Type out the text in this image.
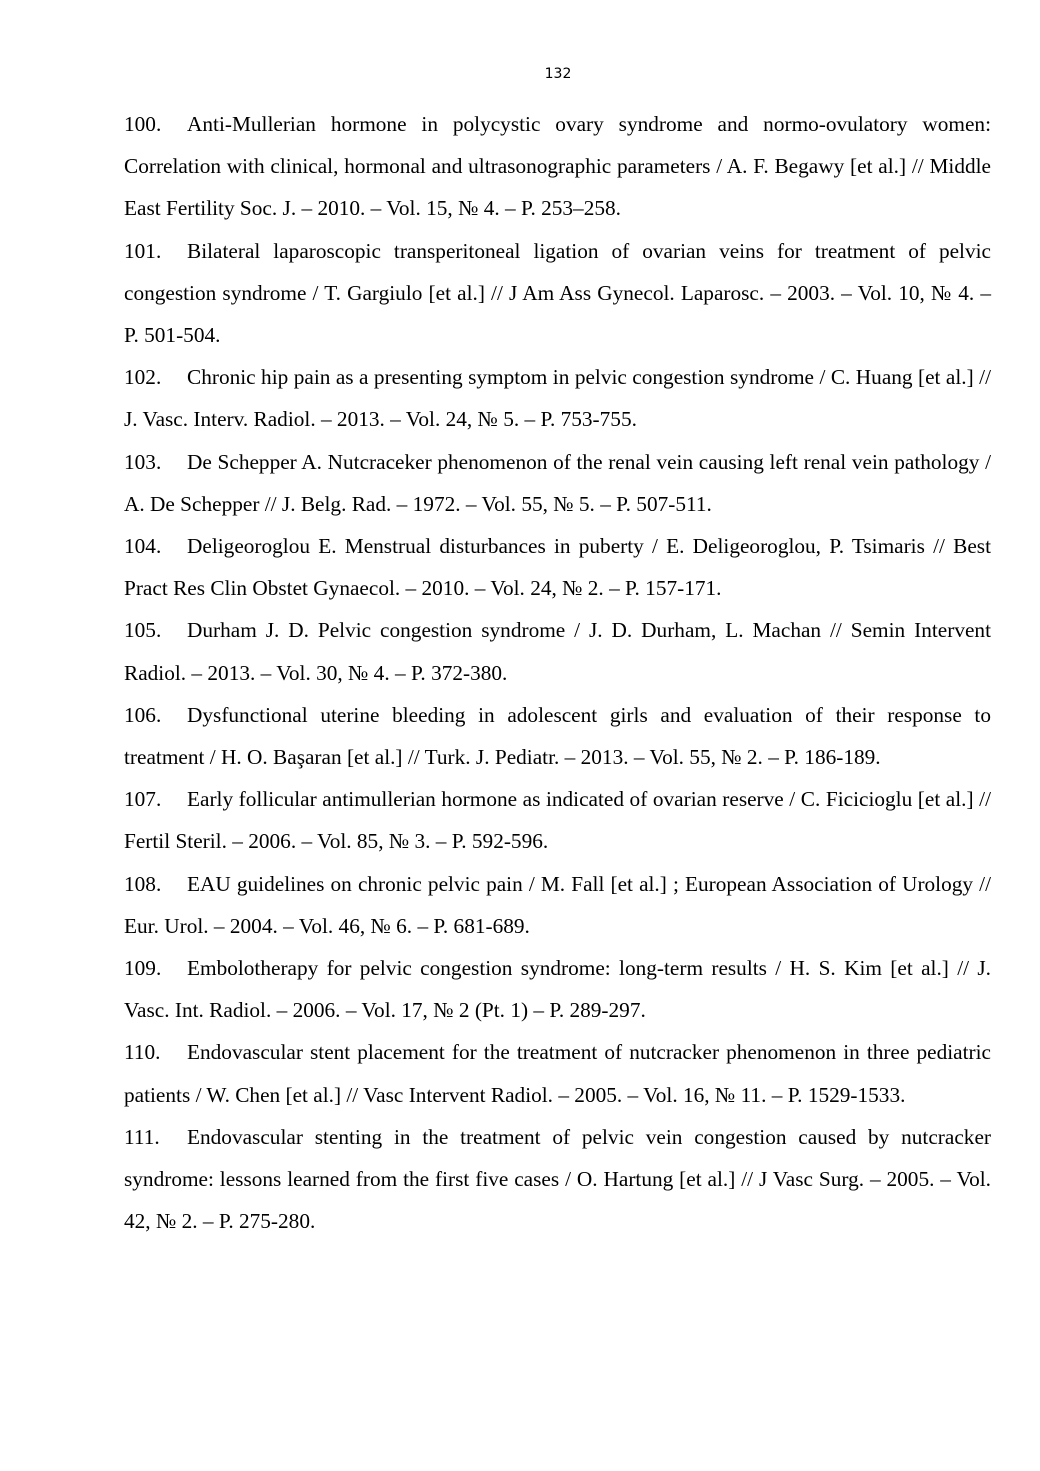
132

100. Anti-Mullerian hormone in polycystic ovary syndrome and normo-ovulatory women: Correlation with clinical, hormonal and ultrasonographic parameters / A. F. Begawy [et al.] // Middle East Fertility Soc. J. – 2010. – Vol. 15, № 4. – P. 253–258.

101. Bilateral laparoscopic transperitoneal ligation of ovarian veins for treatment of pelvic congestion syndrome / T. Gargiulo [et al.] // J Am Ass Gynecol. Laparosc. – 2003. – Vol. 10, № 4. – P. 501-504.

102. Chronic hip pain as a presenting symptom in pelvic congestion syndrome / C. Huang [et al.] // J. Vasc. Interv. Radiol. – 2013. – Vol. 24, № 5. – P. 753-755.

103. De Schepper A. Nutcraceker phenomenon of the renal vein causing left renal vein pathology / A. De Schepper // J. Belg. Rad. – 1972. – Vol. 55, № 5. – P. 507-511.

104. Deligeoroglou E. Menstrual disturbances in puberty / E. Deligeoroglou, P. Tsimaris // Best Pract Res Clin Obstet Gynaecol. – 2010. – Vol. 24, № 2. – P. 157-171.

105. Durham J. D. Pelvic congestion syndrome / J. D. Durham, L. Machan // Semin Intervent Radiol. – 2013. – Vol. 30, № 4. – P. 372-380.

106. Dysfunctional uterine bleeding in adolescent girls and evaluation of their response to treatment / H. O. Başaran [et al.] // Turk. J. Pediatr. – 2013. – Vol. 55, № 2. – P. 186-189.

107. Early follicular antimullerian hormone as indicated of ovarian reserve / C. Ficicioglu [et al.] // Fertil Steril. – 2006. – Vol. 85, № 3. – P. 592-596.

108. EAU guidelines on chronic pelvic pain / M. Fall [et al.] ; European Association of Urology // Eur. Urol. – 2004. – Vol. 46, № 6. – P. 681-689.

109. Embolotherapy for pelvic congestion syndrome: long-term results / H. S. Kim [et al.] // J. Vasc. Int. Radiol. – 2006. – Vol. 17, № 2 (Pt. 1) – P. 289-297.

110. Endovascular stent placement for the treatment of nutcracker phenomenon in three pediatric patients / W. Chen [et al.] // Vasc Intervent Radiol. – 2005. – Vol. 16, № 11. – P. 1529-1533.

111. Endovascular stenting in the treatment of pelvic vein congestion caused by nutcracker syndrome: lessons learned from the first five cases / O. Hartung [et al.] // J Vasc Surg. – 2005. – Vol. 42, № 2. – P. 275-280.
